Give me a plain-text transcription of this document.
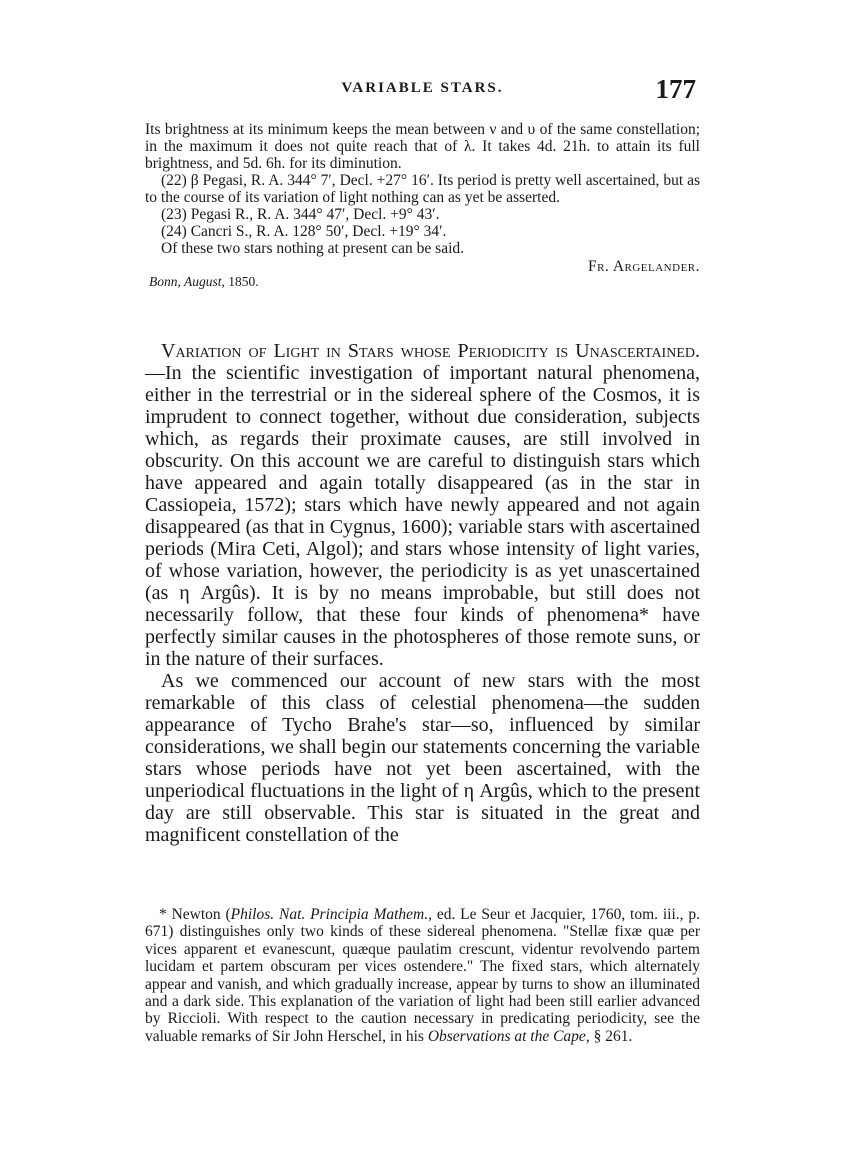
VARIABLE STARS.	177

Its brightness at its minimum keeps the mean between ν and υ of the same constellation; in the maximum it does not quite reach that of λ. It takes 4d. 21h. to attain its full brightness, and 5d. 6h. for its diminution.

(22) β Pegasi, R. A. 344° 7′, Decl. +27° 16′. Its period is pretty well ascertained, but as to the course of its variation of light nothing can as yet be asserted.

(23) Pegasi R., R. A. 344° 47′, Decl. +9° 43′.

(24) Cancri S., R. A. 128° 50′, Decl. +19° 34′.

Of these two stars nothing at present can be said.

Fr. Argelander.

Bonn, August, 1850.

Variation of Light in Stars whose Periodicity is Unascertained.—In the scientific investigation of important natural phenomena, either in the terrestrial or in the sidereal sphere of the Cosmos, it is imprudent to connect together, without due consideration, subjects which, as regards their proximate causes, are still involved in obscurity. On this account we are careful to distinguish stars which have appeared and again totally disappeared (as in the star in Cassiopeia, 1572); stars which have newly appeared and not again disappeared (as that in Cygnus, 1600); variable stars with ascertained periods (Mira Ceti, Algol); and stars whose intensity of light varies, of whose variation, however, the periodicity is as yet unascertained (as η Argûs). It is by no means improbable, but still does not necessarily follow, that these four kinds of phenomena* have perfectly similar causes in the photospheres of those remote suns, or in the nature of their surfaces.

As we commenced our account of new stars with the most remarkable of this class of celestial phenomena—the sudden appearance of Tycho Brahe's star—so, influenced by similar considerations, we shall begin our statements concerning the variable stars whose periods have not yet been ascertained, with the unperiodical fluctuations in the light of η Argûs, which to the present day are still observable. This star is situated in the great and magnificent constellation of the

* Newton (Philos. Nat. Principia Mathem., ed. Le Seur et Jacquier, 1760, tom. iii., p. 671) distinguishes only two kinds of these sidereal phenomena. "Stellæ fixæ quæ per vices apparent et evanescunt, quæque paulatim crescunt, videntur revolvendo partem lucidam et partem obscuram per vices ostendere." The fixed stars, which alternately appear and vanish, and which gradually increase, appear by turns to show an illuminated and a dark side. This explanation of the variation of light had been still earlier advanced by Riccioli. With respect to the caution necessary in predicating periodicity, see the valuable remarks of Sir John Herschel, in his Observations at the Cape, § 261.
